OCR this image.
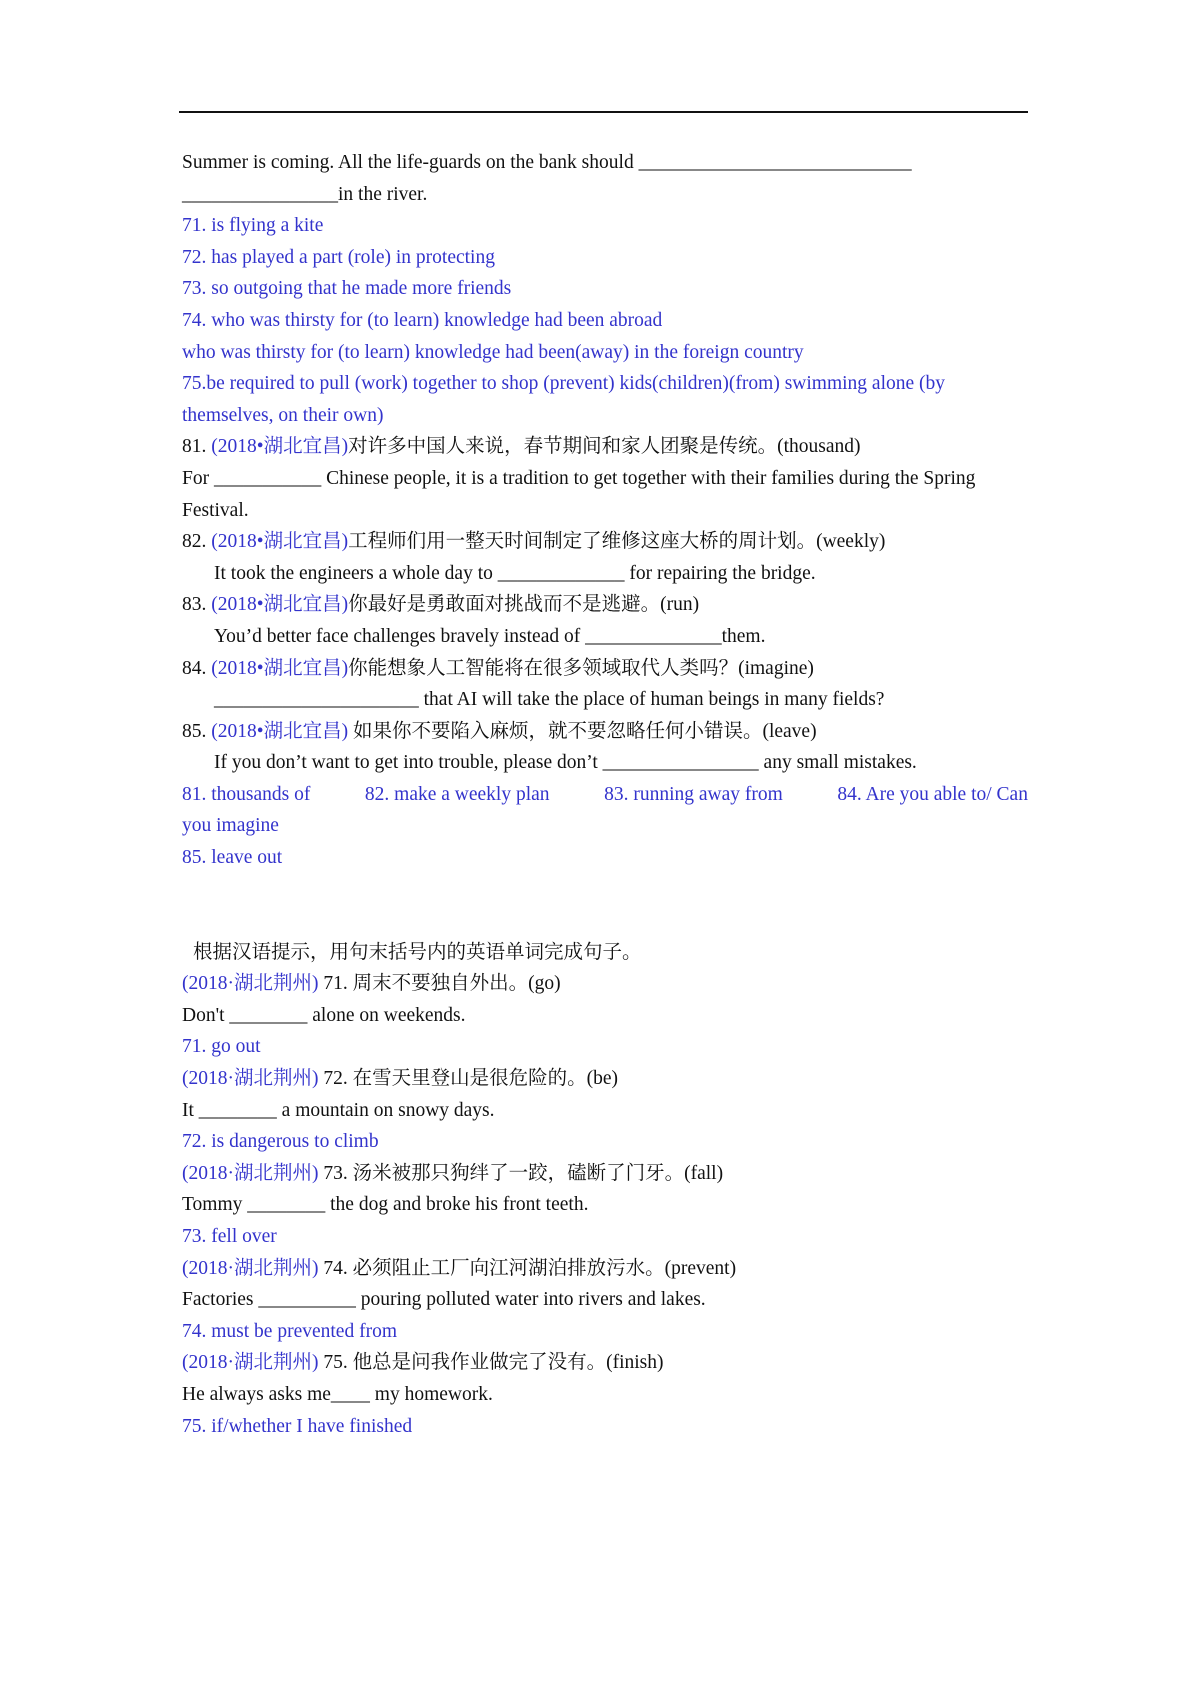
Summer is coming. All the life-guards on the bank should ____________________________
________________in the river.
71. is flying a kite
72. has played a part (role) in protecting
73. so outgoing that he made more friends
74. who was thirsty for (to learn) knowledge had been abroad
who was thirsty for (to learn) knowledge had been(away) in the foreign country
75.be required to pull (work) together to shop (prevent) kids(children)(from) swimming alone (by themselves, on their own)
81. (2018•湖北宜昌)对许多中国人来说，春节期间和家人团聚是传统。(thousand)
For ___________ Chinese people, it is a tradition to get together with their families during the Spring Festival.
82. (2018•湖北宜昌)工程师们用一整天时间制定了维修这座大桥的周计划。(weekly)
It took the engineers a whole day to _____________ for repairing the bridge.
83. (2018•湖北宜昌)你最好是勇敢面对挑战而不是逃避。(run)
You’d better face challenges bravely instead of ______________them.
84. (2018•湖北宜昌)你能想象人工智能将在很多领域取代人类吗？(imagine)
_____________________ that AI will take the place of human beings in many fields?
85. (2018•湖北宜昌) 如果你不要陷入麻烦，就不要忽略任何小错误。(leave)
If you don’t want to get into trouble, please don’t ________________ any small mistakes.
81. thousands of	82. make a weekly plan	83. running away from	84. Are you able to/ Can
you imagine
85. leave out
根据汉语提示，用句末括号内的英语单词完成句子。
(2018·湖北荆州) 71. 周末不要独自外出。(go)
Don't ________ alone on weekends.
71. go out
(2018·湖北荆州) 72. 在雪天里登山是很危险的。(be)
It ________ a mountain on snowy days.
72. is dangerous to climb
(2018·湖北荆州) 73. 汤米被那只狗绊了一跤，磕断了门牙。(fall)
Tommy ________ the dog and broke his front teeth.
73. fell over
(2018·湖北荆州) 74. 必须阻止工厂向江河湖泊排放污水。(prevent)
Factories __________ pouring polluted water into rivers and lakes.
74. must be prevented from
(2018·湖北荆州) 75. 他总是问我作业做完了没有。(finish)
He always asks me____ my homework.
75. if/whether I have finished
